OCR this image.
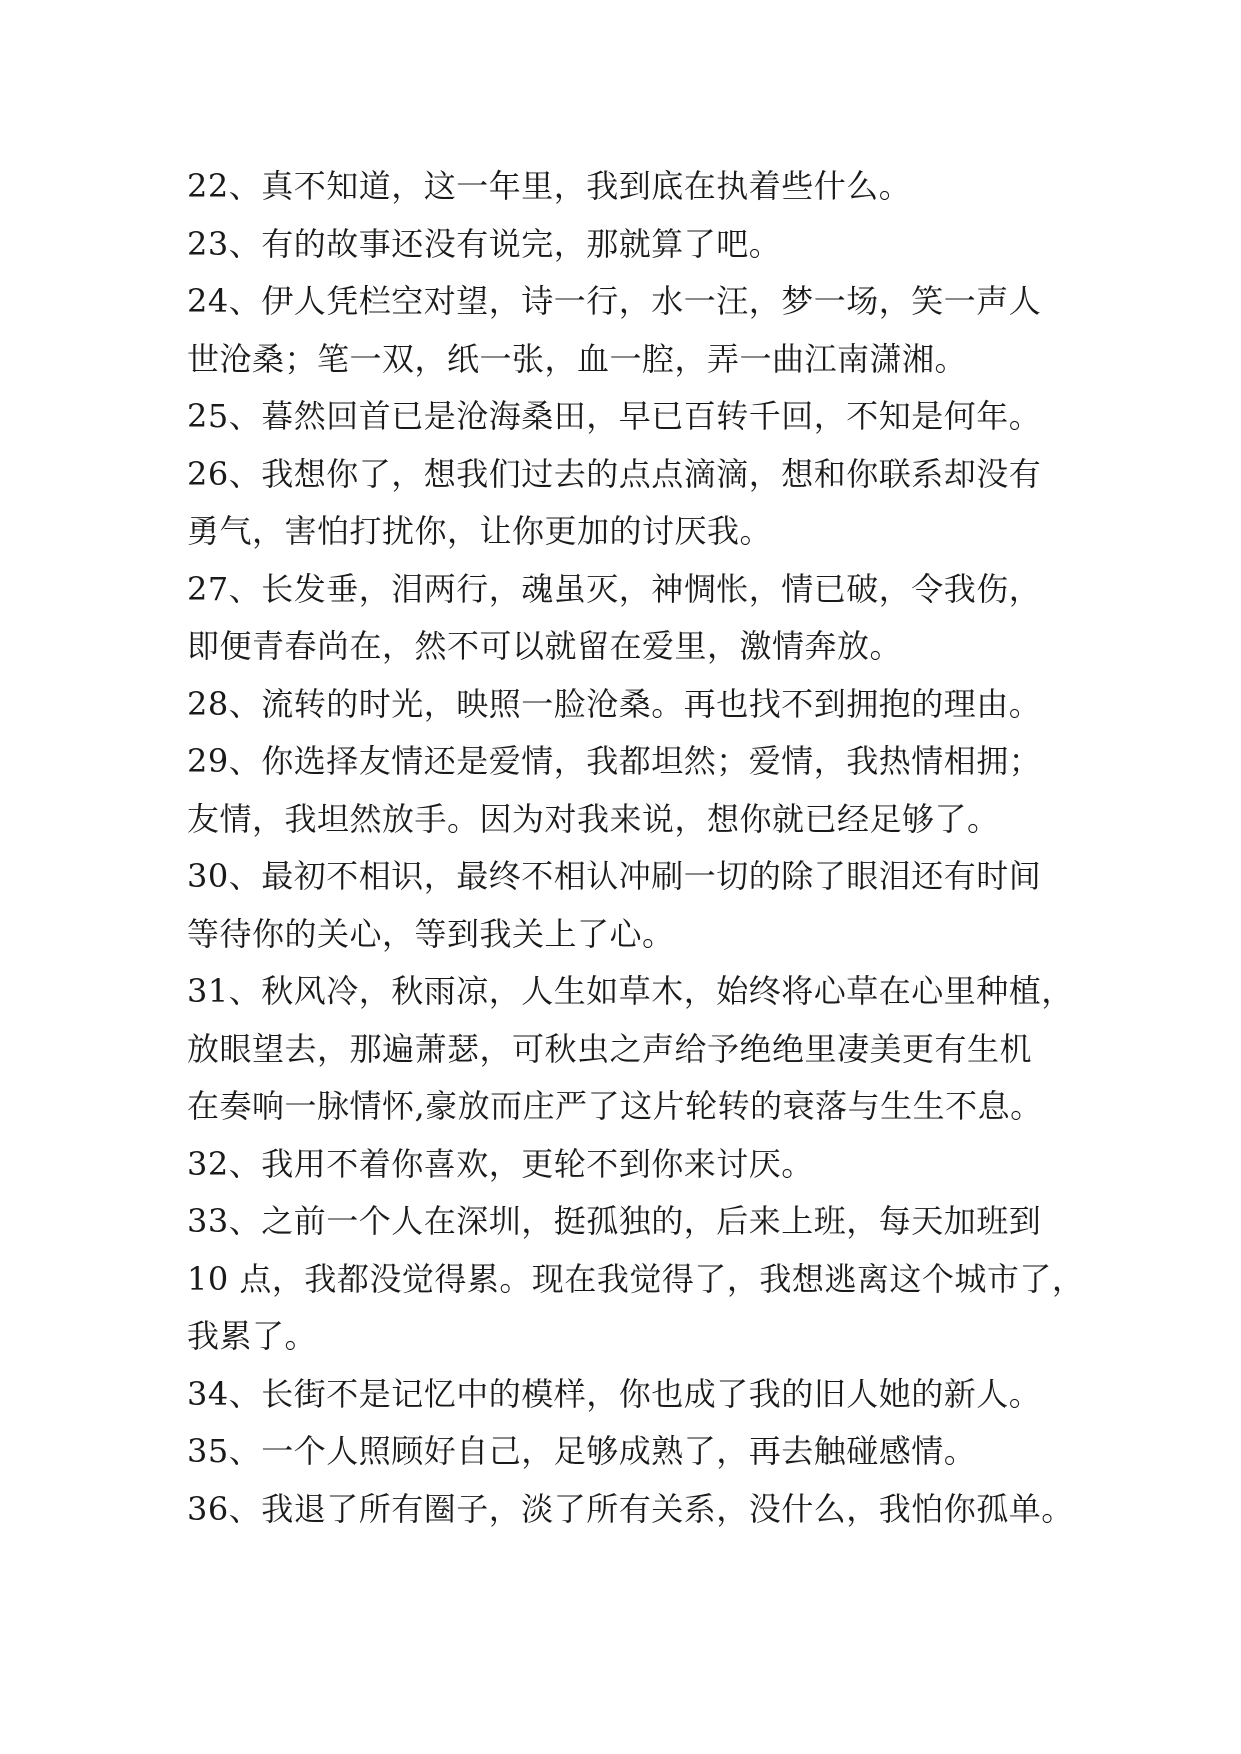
22、真不知道，这一年里，我到底在执着些什么。
23、有的故事还没有说完，那就算了吧。
24、伊人凭栏空对望，诗一行，水一汪，梦一场，笑一声人
世沧桑；笔一双，纸一张，血一腔，弄一曲江南潇湘。
25、暮然回首已是沧海桑田，早已百转千回，不知是何年。
26、我想你了，想我们过去的点点滴滴，想和你联系却没有
勇气，害怕打扰你，让你更加的讨厌我。
27、长发垂，泪两行，魂虽灭，神惆怅，情已破，令我伤，
即便青春尚在，然不可以就留在爱里，激情奔放。
28、流转的时光，映照一脸沧桑。再也找不到拥抱的理由。
29、你选择友情还是爱情，我都坦然；爱情，我热情相拥；
友情，我坦然放手。因为对我来说，想你就已经足够了。
30、最初不相识，最终不相认冲刷一切的除了眼泪还有时间
等待你的关心，等到我关上了心。
31、秋风冷，秋雨凉，人生如草木，始终将心草在心里种植，
放眼望去，那遍萧瑟，可秋虫之声给予绝绝里凄美更有生机
在奏响一脉情怀,豪放而庄严了这片轮转的衰落与生生不息。
32、我用不着你喜欢，更轮不到你来讨厌。
33、之前一个人在深圳，挺孤独的，后来上班，每天加班到
10 点，我都没觉得累。现在我觉得了，我想逃离这个城市了，
我累了。
34、长街不是记忆中的模样，你也成了我的旧人她的新人。
35、一个人照顾好自己，足够成熟了，再去触碰感情。
36、我退了所有圈子，淡了所有关系，没什么，我怕你孤单。
